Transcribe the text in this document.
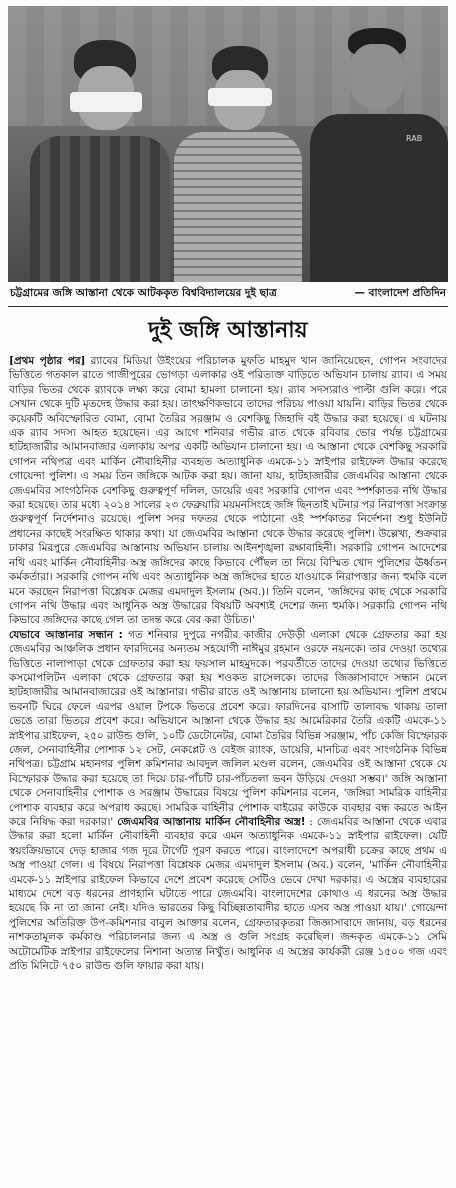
RAB
চট্টগ্রামের জঙ্গি আস্তানা থেকে আটককৃত বিশ্ববিদ্যালয়ের দুই ছাত্র	— বাংলাদেশ প্রতিদিন
দুই জঙ্গি আস্তানায়

[প্রথম পৃষ্ঠার পর] র‌্যাবের মিডিয়া উইংয়ের পরিচালক মুফতি মাহমুদ খান জানিয়েছেন, গোপন সংবাদের ভিত্তিতে গতকাল রাতে গাজীপুরের ভোগড়া এলাকার ওই পরিত্যক্ত বাড়িতে অভিযান চালায় র‌্যাব। এ সময় বাড়ির ভিতর থেকে র‌্যাবকে লক্ষ্য করে বোমা হামলা চালানো হয়। র‌্যাব সদস্যরাও পাল্টা গুলি করে। পরে সেখান থেকে দুটি মৃতদেহ উদ্ধার করা হয়। তাৎক্ষণিকভাবে তাদের পরিচয় পাওয়া যায়নি। বাড়ির ভিতর থেকে কয়েকটি অবিস্ফোরিত বোমা, বোমা তৈরির সরঞ্জাম ও বেশকিছু জিহাদি বই উদ্ধার করা হয়েছে। এ ঘটনায় এক র‌্যাব সদস্য আহত হয়েছেন। এর আগে শনিবার গভীর রাত থেকে রবিবার ভোর পর্যন্ত চট্টগ্রামের হাটহাজারীর আমানবাজার এলাকায় অপর একটি অভিযান চালানো হয়। এ আস্তানা থেকে বেশকিছু সরকারি গোপন নথিপত্র এবং মার্কিন নৌবাহিনীর ব্যবহৃত অত্যাধুনিক এমকে-১১ স্নাইপার রাইফেল উদ্ধার করেছে গোয়েন্দা পুলিশ। এ সময় তিন জঙ্গিকে আটক করা হয়। জানা যায়, হাটহাজারীর জেএমবির আস্তানা থেকে জেএমবির সাংগঠনিক বেশকিছু গুরুত্বপূর্ণ দলিল, ডায়েরি এবং সরকারি গোপন এবং স্পর্শকাতর নথি উদ্ধার করা হয়েছে। তার মধ্যে ২০১৪ সালের ২৩ ফেব্রুয়ারি ময়মনসিংহে জঙ্গি ছিনতাই ঘটনার পর নিরাপত্তা সংক্রান্ত গুরুত্বপূর্ণ নির্দেশনাও রয়েছে। পুলিশ সদর দফতর থেকে পাঠানো ওই স্পর্শকাতর নির্দেশনা শুধু ইউনিট প্রধানের কাছেই সংরক্ষিত থাকার কথা। যা জেএমবির আস্তানা থেকে উদ্ধার করেছে পুলিশ। উল্লেখ্য, শুক্রবার ঢাকার মিরপুরে জেএমবির আস্তানায় অভিযান চালায় আইনশৃঙ্খলা রক্ষাবাহিনী। সরকারি গোপন আদেশের নথি এবং মার্কিন নৌবাহিনীর অস্ত্র জঙ্গিদের কাছে কিভাবে পৌঁছল তা নিয়ে বিস্মিত খোদ পুলিশের ঊর্ধ্বতন কর্মকর্তারা। সরকারি গোপন নথি এবং অত্যাধুনিক অস্ত্র জঙ্গিদের হাতে যাওয়াকে নিরাপত্তার জন্য হুমকি বলে মনে করছেন নিরাপত্তা বিশ্লেষক মেজর এমদাদুল ইসলাম (অব.)। তিনি বলেন, 'জঙ্গিদের কাছ থেকে সরকারি গোপন নথি উদ্ধার এবং আধুনিক অস্ত্র উদ্ধারের বিষয়টি অবশ্যই দেশের জন্য হুমকি। সরকারি গোপন নথি কিভাবে জঙ্গিদের কাছে গেল তা তদন্ত করে বের করা উচিত।'

যেভাবে আস্তানার সন্ধান : গত শনিবার দুপুরে নগরীর কাজীর দেউড়ী এলাকা থেকে গ্রেফতার করা হয় জেএমবির আঞ্চলিক প্রধান ফারদিনের অন্যতম সহযোগী নাঈমুর রহমান ওরফে নয়নকে। তার দেওয়া তথ্যের ভিত্তিতে নালাপাড়া থেকে গ্রেফতার করা হয় ফয়সাল মাহমুদকে। পরবর্তীতে তাদের দেওয়া তথ্যের ভিত্তিতে কসমোপলিটন এলাকা থেকে গ্রেফতার করা হয় শওকত রাসেলকে। তাদের জিজ্ঞাসাবাদে সন্ধান মেলে হাটহাজারীর আমানবাজারের ওই আস্তানার। গভীর রাতে ওই আস্তানায় চালানো হয় অভিযান। পুলিশ প্রথমে ভবনটি ঘিরে ফেলে এরপর ওয়াল টপকে ভিতরে প্রবেশ করে। ফারদিনের বাসাটি তালাবদ্ধ থাকায় তালা ভেঙে তারা ভিতরে প্রবেশ করে। অভিযানে আস্তানা থেকে উদ্ধার হয় আমেরিকার তৈরি একটি এমকে-১১ স্নাইপার রাইফেল, ২৫০ রাউন্ড গুলি, ১০টি ডেটোনেটর, বোমা তৈরির বিভিন্ন সরঞ্জাম, পাঁচ কেজি বিস্ফোরক জেল, সেনাবাহিনীর পোশাক ১২ সেট, নেকপ্লেট ও বেইজ র‌্যাংক, ডায়েরি, মানচিত্র এবং সাংগঠনিক বিভিন্ন নথিপত্র। চট্টগ্রাম মহানগর পুলিশ কমিশনার আবদুল জলিল মণ্ডল বলেন, জেএমবির ওই আস্তানা থেকে যে বিস্ফোরক উদ্ধার করা হয়েছে তা দিয়ে চার-পাঁচটি চার-পাঁচতলা ভবন উড়িয়ে দেওয়া সম্ভব।' জঙ্গি আস্তানা থেকে সেনাবাহিনীর পোশাক ও সরঞ্জাম উদ্ধারের বিষয়ে পুলিশ কমিশনার বলেন, 'জঙ্গিরা সামরিক বাহিনীর পোশাক ব্যবহার করে অপরাধ করছে। সামরিক বাহিনীর পোশাক বাইরের কাউকে ব্যবহার বন্ধ করতে আইন করে নিষিদ্ধ করা দরকার।' জেএমবির আস্তানায় মার্কিন নৌবাহিনীর অস্ত্র! : জেএমবির আস্তানা থেকে এবার উদ্ধার করা হলো মার্কিন নৌবাহিনী ব্যবহার করে এমন অত্যাধুনিক এমকে-১১ স্নাইপার রাইফেল। যেটি স্বয়ংক্রিয়ভাবে দেড় হাজার গজ দূরে টার্গেট পূরণ করতে পারে। বাংলাদেশে অপরাধী চক্রের কাছে প্রথম এ অস্ত্র পাওয়া গেল। এ বিষয়ে নিরাপত্তা বিশ্লেষক মেজর এমদাদুল ইসলাম (অব.) বলেন, 'মার্কিন নৌবাহিনীর এমকে-১১ স্নাইপার রাইফেল কিভাবে দেশে প্রবেশ করেছে সেটিও ভেবে দেখা দরকার। এ অস্ত্রের ব্যবহারের মাধ্যমে দেশে বড় ধরনের প্রাণহানি ঘটাতে পারে জেএমবি। বাংলাদেশের কোথাও এ ধরনের অস্ত্র উদ্ধার হয়েছে কি না তা জানা নেই। যদিও ভারতের কিছু বিচ্ছিন্নতাবাদীর হাতে এসব অস্ত্র পাওয়া যায়।' গোয়েন্দা পুলিশের অতিরিক্ত উপ-কমিশনার বাবুল আক্তার বলেন, গ্রেফতারকৃতরা জিজ্ঞাসাবাদে জানায়, বড় ধরনের নাশকতামূলক কর্মকাণ্ড পরিচালনার জন্য এ অস্ত্র ও গুলি সংগ্রহ করেছিল। জব্দকৃত এমকে-১১ সেমি অটোমেটিক স্নাইপার রাইফেলের নিশানা অত্যন্ত নিখুঁত। আধুনিক এ অস্ত্রের কার্যকরী রেঞ্জ ১৫০০ গজ এবং প্রতি মিনিটে ৭৫০ রাউন্ড গুলি ফায়ার করা যায়।
